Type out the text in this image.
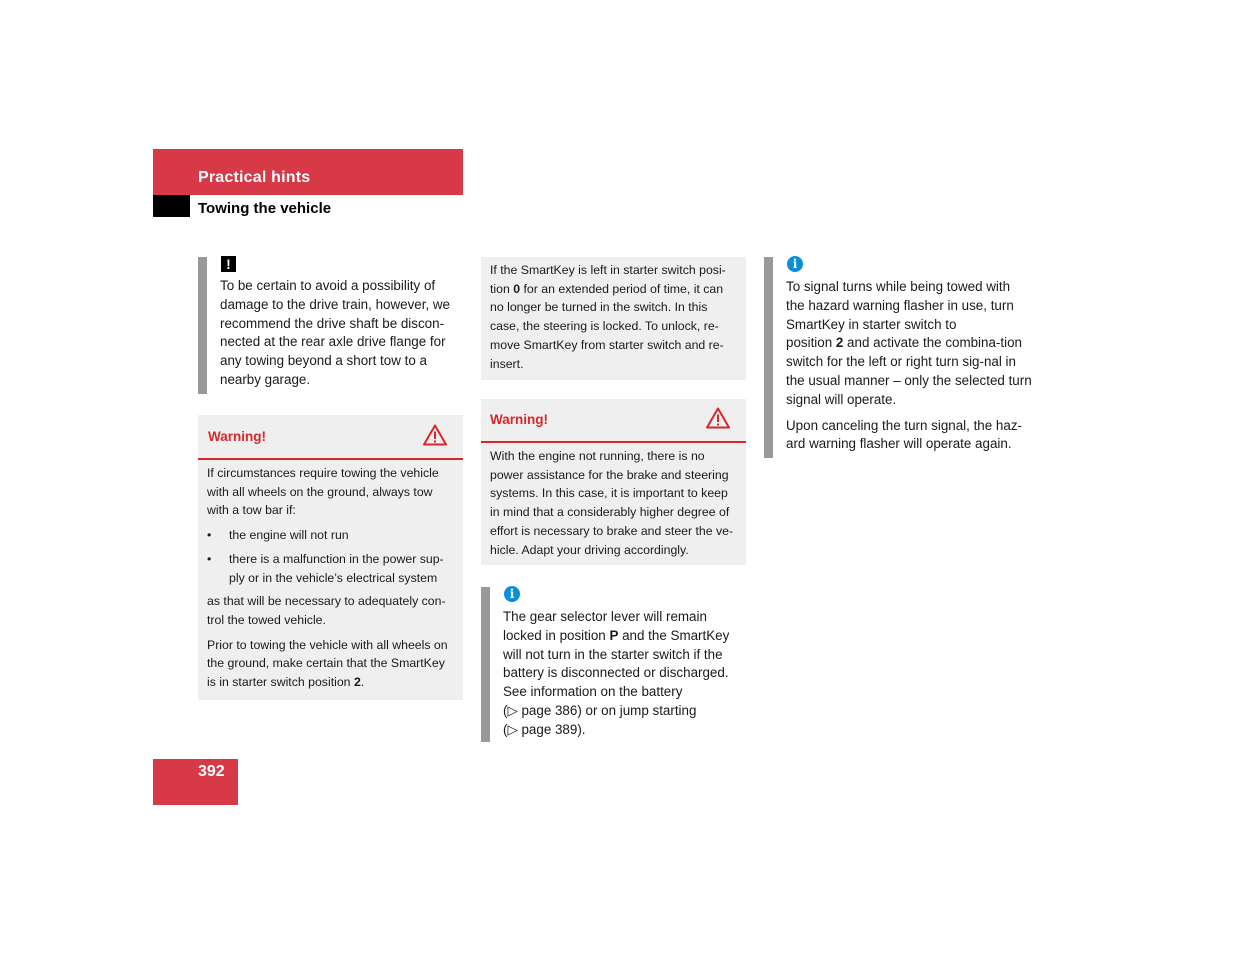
Practical hints
Towing the vehicle
!
To be certain to avoid a possibility of damage to the drive train, however, we recommend the drive shaft be discon-nected at the rear axle drive flange for any towing beyond a short tow to a nearby garage.
Warning!

If circumstances require towing the vehicle with all wheels on the ground, always tow with a tow bar if:

• the engine will not run
• there is a malfunction in the power sup-ply or in the vehicle’s electrical system

as that will be necessary to adequately con-trol the towed vehicle.

Prior to towing the vehicle with all wheels on the ground, make certain that the SmartKey is in starter switch position 2.

If the SmartKey is left in starter switch posi-tion 0 for an extended period of time, it can no longer be turned in the switch. In this case, the steering is locked. To unlock, re-move SmartKey from starter switch and re-insert.

Warning!

With the engine not running, there is no power assistance for the brake and steering systems. In this case, it is important to keep in mind that a considerably higher degree of effort is necessary to brake and steer the ve-hicle. Adapt your driving accordingly.

i

The gear selector lever will remain locked in position P and the SmartKey will not turn in the starter switch if the battery is disconnected or discharged. See information on the battery

(▷ page 386) or on jump starting

(▷ page 389).

i

To signal turns while being towed with the hazard warning flasher in use, turn SmartKey in starter switch to

position 2 and activate the combina-tion switch for the left or right turn sig-nal in the usual manner – only the selected turn signal will operate.

Upon canceling the turn signal, the haz-ard warning flasher will operate again.

392
